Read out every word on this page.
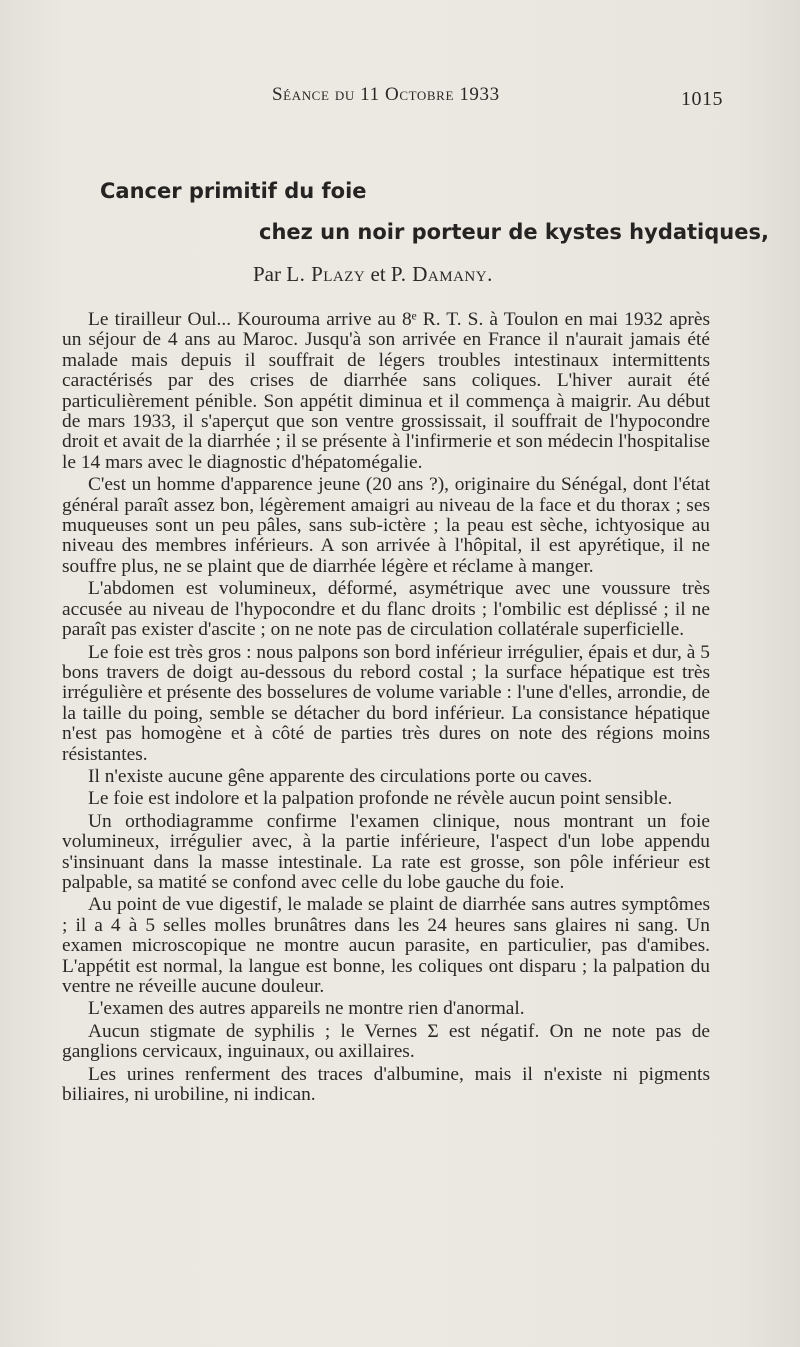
Séance du 11 Octobre 1933	1015
Cancer primitif du foie
chez un noir porteur de kystes hydatiques,
Par L. Plazy et P. Damany.

Le tirailleur Oul... Kourouma arrive au 8ᵉ R. T. S. à Toulon en mai 1932 après un séjour de 4 ans au Maroc. Jusqu'à son arrivée en France il n'aurait jamais été malade mais depuis il souffrait de légers troubles intestinaux intermittents caractérisés par des crises de diarrhée sans coliques. L'hiver aurait été particulièrement pénible. Son appétit diminua et il commença à maigrir. Au début de mars 1933, il s'aperçut que son ventre grossissait, il souffrait de l'hypocondre droit et avait de la diarrhée ; il se présente à l'infirmerie et son médecin l'hospitalise le 14 mars avec le diagnostic d'hépatomégalie.

C'est un homme d'apparence jeune (20 ans ?), originaire du Sénégal, dont l'état général paraît assez bon, légèrement amaigri au niveau de la face et du thorax ; ses muqueuses sont un peu pâles, sans sub-ictère ; la peau est sèche, ichtyosique au niveau des membres inférieurs. A son arrivée à l'hôpital, il est apyrétique, il ne souffre plus, ne se plaint que de diarrhée légère et réclame à manger.

L'abdomen est volumineux, déformé, asymétrique avec une voussure très accusée au niveau de l'hypocondre et du flanc droits ; l'ombilic est déplissé ; il ne paraît pas exister d'ascite ; on ne note pas de circulation collatérale superficielle.

Le foie est très gros : nous palpons son bord inférieur irrégulier, épais et dur, à 5 bons travers de doigt au-dessous du rebord costal ; la surface hépatique est très irrégulière et présente des bosselures de volume variable : l'une d'elles, arrondie, de la taille du poing, semble se détacher du bord inférieur. La consistance hépatique n'est pas homogène et à côté de parties très dures on note des régions moins résistantes.

Il n'existe aucune gêne apparente des circulations porte ou caves.

Le foie est indolore et la palpation profonde ne révèle aucun point sensible.

Un orthodiagramme confirme l'examen clinique, nous montrant un foie volumineux, irrégulier avec, à la partie inférieure, l'aspect d'un lobe appendu s'insinuant dans la masse intestinale. La rate est grosse, son pôle inférieur est palpable, sa matité se confond avec celle du lobe gauche du foie.

Au point de vue digestif, le malade se plaint de diarrhée sans autres symptômes ; il a 4 à 5 selles molles brunâtres dans les 24 heures sans glaires ni sang. Un examen microscopique ne montre aucun parasite, en particulier, pas d'amibes. L'appétit est normal, la langue est bonne, les coliques ont disparu ; la palpation du ventre ne réveille aucune douleur.

L'examen des autres appareils ne montre rien d'anormal.

Aucun stigmate de syphilis ; le Vernes Σ est négatif. On ne note pas de ganglions cervicaux, inguinaux, ou axillaires.

Les urines renferment des traces d'albumine, mais il n'existe ni pigments biliaires, ni urobiline, ni indican.
